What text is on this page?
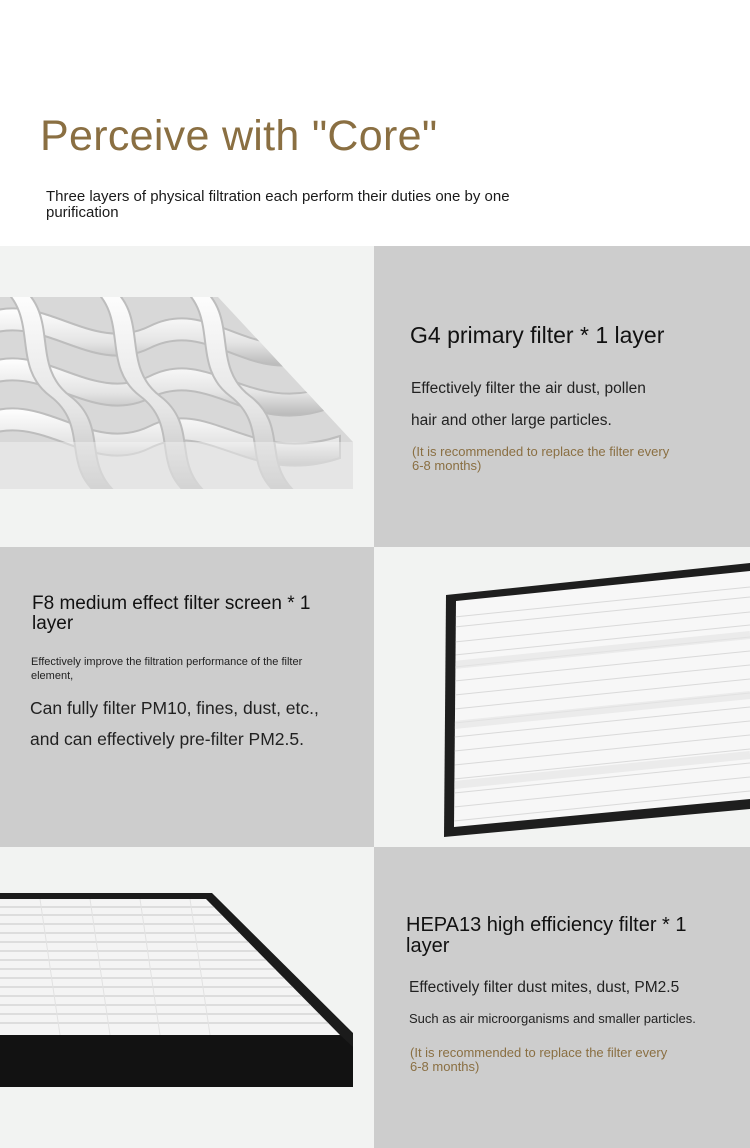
Perceive with "Core"

Three layers of physical filtration each perform their duties one by one purification

G4 primary filter * 1 layer

Effectively filter the air dust, pollen

hair and other large particles.

(It is recommended to replace the filter every 6-8 months)

F8 medium effect filter screen * 1 layer

Effectively improve the filtration performance of the filter element,

Can fully filter PM10, fines, dust, etc.,

and can effectively pre-filter PM2.5.

HEPA13 high efficiency filter * 1 layer

Effectively filter dust mites, dust, PM2.5

Such as air microorganisms and smaller particles.

(It is recommended to replace the filter every 6-8 months)
